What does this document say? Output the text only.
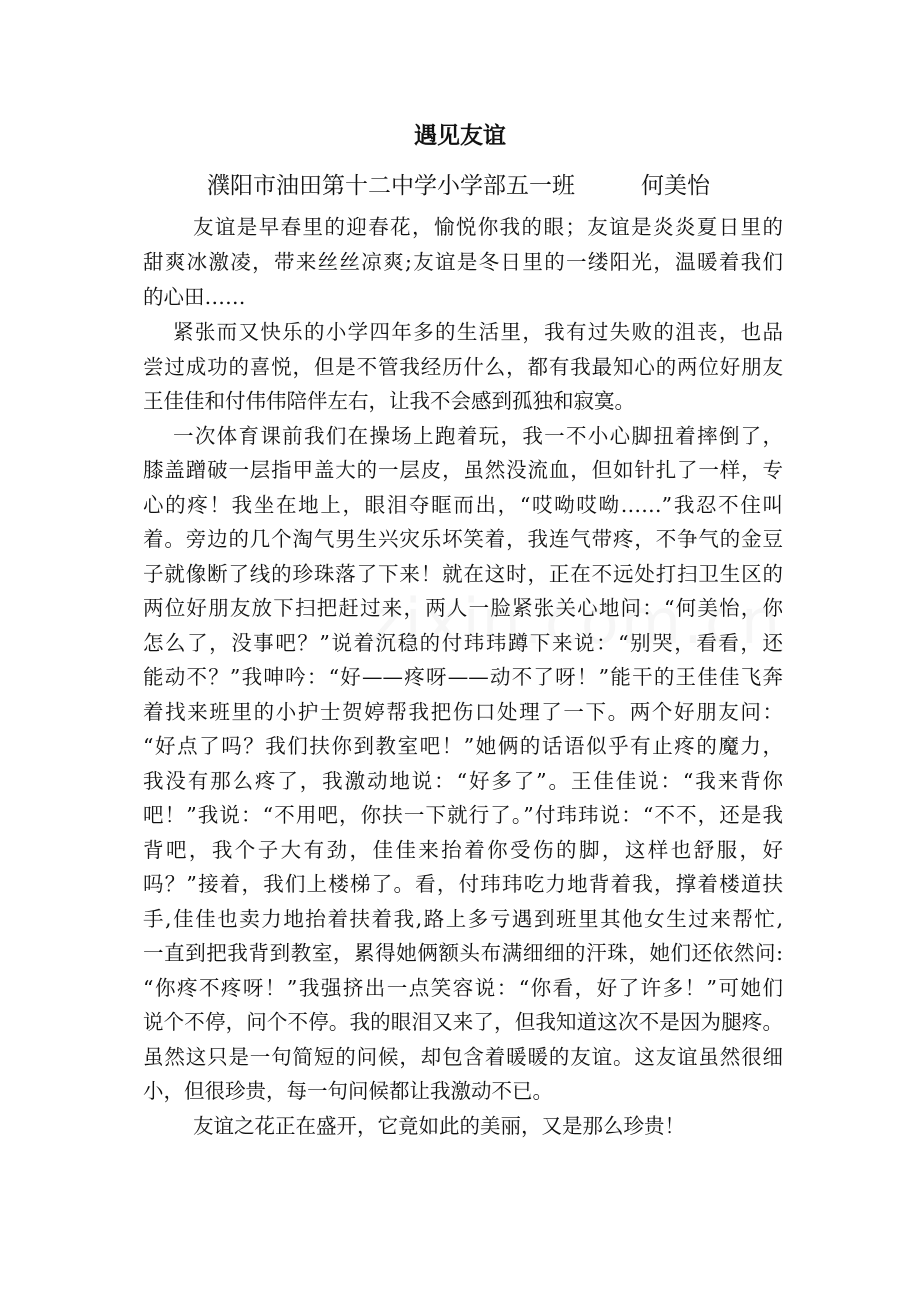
遇见友谊
濮阳市油田第十二中学小学部五一班	何美怡

友谊是早春里的迎春花，愉悦你我的眼；友谊是炎炎夏日里的

甜爽冰激凌，带来丝丝凉爽;友谊是冬日里的一缕阳光，温暖着我们

的心田……

紧张而又快乐的小学四年多的生活里，我有过失败的沮丧，也品

尝过成功的喜悦，但是不管我经历什么，都有我最知心的两位好朋友

王佳佳和付伟伟陪伴左右，让我不会感到孤独和寂寞。

一次体育课前我们在操场上跑着玩，我一不小心脚扭着摔倒了，

膝盖蹭破一层指甲盖大的一层皮，虽然没流血，但如针扎了一样，专

心的疼！我坐在地上，眼泪夺眶而出，“哎呦哎呦……”我忍不住叫

着。旁边的几个淘气男生兴灾乐坏笑着，我连气带疼，不争气的金豆

子就像断了线的珍珠落了下来！就在这时，正在不远处打扫卫生区的

两位好朋友放下扫把赶过来，两人一脸紧张关心地问：“何美怡，你

怎么了，没事吧？”说着沉稳的付玮玮蹲下来说：“别哭，看看，还

能动不？”我呻吟：“好——疼呀——动不了呀！”能干的王佳佳飞奔

着找来班里的小护士贺婷帮我把伤口处理了一下。两个好朋友问：

“好点了吗？我们扶你到教室吧！”她俩的话语似乎有止疼的魔力，

我没有那么疼了，我激动地说：“好多了”。王佳佳说：“我来背你

吧！”我说：“不用吧，你扶一下就行了。”付玮玮说：“不不，还是我

背吧，我个子大有劲，佳佳来抬着你受伤的脚，这样也舒服，好

吗？”接着，我们上楼梯了。看，付玮玮吃力地背着我，撑着楼道扶

手,佳佳也卖力地抬着扶着我,路上多亏遇到班里其他女生过来帮忙,

一直到把我背到教室，累得她俩额头布满细细的汗珠，她们还依然问:

“你疼不疼呀！”我强挤出一点笑容说：“你看，好了许多！”可她们

说个不停，问个不停。我的眼泪又来了，但我知道这次不是因为腿疼。

虽然这只是一句简短的问候，却包含着暖暖的友谊。这友谊虽然很细

小，但很珍贵，每一句问候都让我激动不已。

友谊之花正在盛开，它竟如此的美丽，又是那么珍贵！
